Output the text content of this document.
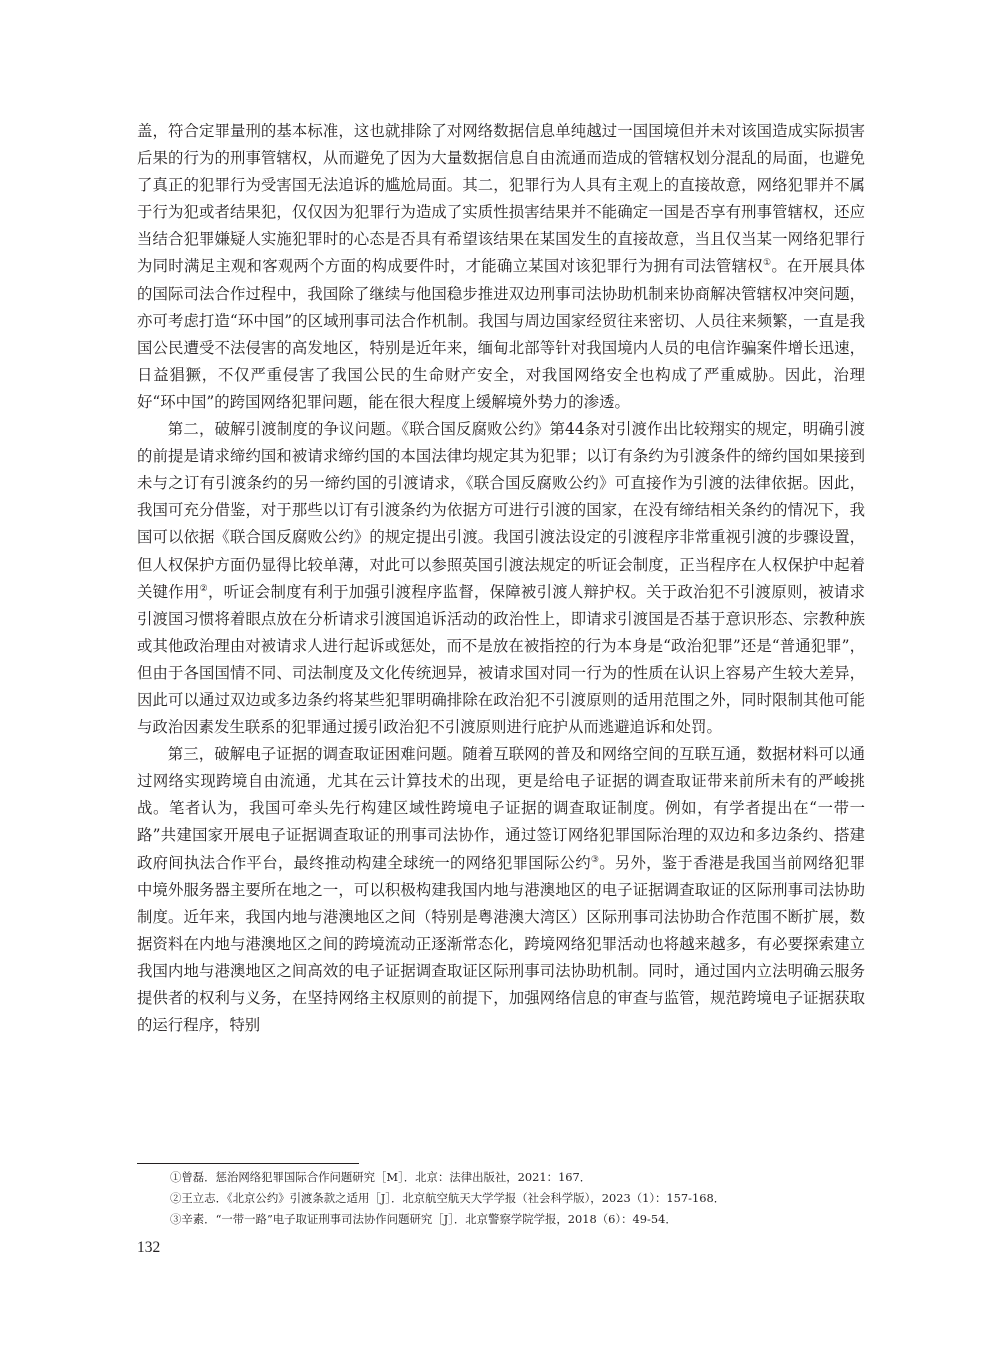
盖，符合定罪量刑的基本标准，这也就排除了对网络数据信息单纯越过一国国境但并未对该国造成实际损害后果的行为的刑事管辖权，从而避免了因为大量数据信息自由流通而造成的管辖权划分混乱的局面，也避免了真正的犯罪行为受害国无法追诉的尴尬局面。其二，犯罪行为人具有主观上的直接故意，网络犯罪并不属于行为犯或者结果犯，仅仅因为犯罪行为造成了实质性损害结果并不能确定一国是否享有刑事管辖权，还应当结合犯罪嫌疑人实施犯罪时的心态是否具有希望该结果在某国发生的直接故意，当且仅当某一网络犯罪行为同时满足主观和客观两个方面的构成要件时，才能确立某国对该犯罪行为拥有司法管辖权①。在开展具体的国际司法合作过程中，我国除了继续与他国稳步推进双边刑事司法协助机制来协商解决管辖权冲突问题，亦可考虑打造“环中国”的区域刑事司法合作机制。我国与周边国家经贸往来密切、人员往来频繁，一直是我国公民遭受不法侵害的高发地区，特别是近年来，缅甸北部等针对我国境内人员的电信诈骗案件增长迅速，日益猖獗，不仅严重侵害了我国公民的生命财产安全，对我国网络安全也构成了严重威胁。因此，治理好“环中国”的跨国网络犯罪问题，能在很大程度上缓解境外势力的渗透。

第二，破解引渡制度的争议问题。《联合国反腐败公约》第44条对引渡作出比较翔实的规定，明确引渡的前提是请求缔约国和被请求缔约国的本国法律均规定其为犯罪；以订有条约为引渡条件的缔约国如果接到未与之订有引渡条约的另一缔约国的引渡请求，《联合国反腐败公约》可直接作为引渡的法律依据。因此，我国可充分借鉴，对于那些以订有引渡条约为依据方可进行引渡的国家，在没有缔结相关条约的情况下，我国可以依据《联合国反腐败公约》的规定提出引渡。我国引渡法设定的引渡程序非常重视引渡的步骤设置，但人权保护方面仍显得比较单薄，对此可以参照英国引渡法规定的听证会制度，正当程序在人权保护中起着关键作用②，听证会制度有利于加强引渡程序监督，保障被引渡人辩护权。关于政治犯不引渡原则，被请求引渡国习惯将着眼点放在分析请求引渡国追诉活动的政治性上，即请求引渡国是否基于意识形态、宗教种族或其他政治理由对被请求人进行起诉或惩处，而不是放在被指控的行为本身是“政治犯罪”还是“普通犯罪”，但由于各国国情不同、司法制度及文化传统迥异，被请求国对同一行为的性质在认识上容易产生较大差异，因此可以通过双边或多边条约将某些犯罪明确排除在政治犯不引渡原则的适用范围之外，同时限制其他可能与政治因素发生联系的犯罪通过援引政治犯不引渡原则进行庇护从而逃避追诉和处罚。

第三，破解电子证据的调查取证困难问题。随着互联网的普及和网络空间的互联互通，数据材料可以通过网络实现跨境自由流通，尤其在云计算技术的出现，更是给电子证据的调查取证带来前所未有的严峻挑战。笔者认为，我国可牵头先行构建区域性跨境电子证据的调查取证制度。例如，有学者提出在“一带一路”共建国家开展电子证据调查取证的刑事司法协作，通过签订网络犯罪国际治理的双边和多边条约、搭建政府间执法合作平台，最终推动构建全球统一的网络犯罪国际公约③。另外，鉴于香港是我国当前网络犯罪中境外服务器主要所在地之一，可以积极构建我国内地与港澳地区的电子证据调查取证的区际刑事司法协助制度。近年来，我国内地与港澳地区之间（特别是粤港澳大湾区）区际刑事司法协助合作范围不断扩展，数据资料在内地与港澳地区之间的跨境流动正逐渐常态化，跨境网络犯罪活动也将越来越多，有必要探索建立我国内地与港澳地区之间高效的电子证据调查取证区际刑事司法协助机制。同时，通过国内立法明确云服务提供者的权利与义务，在坚持网络主权原则的前提下，加强网络信息的审查与监管，规范跨境电子证据获取的运行程序，特别

①曾磊．惩治网络犯罪国际合作问题研究［M］．北京：法律出版社，2021：167．

②王立志．《北京公约》引渡条款之适用［J］．北京航空航天大学学报（社会科学版），2023（1）：157-168．

③辛素．“一带一路”电子取证刑事司法协作问题研究［J］．北京警察学院学报，2018（6）：49-54．

132
